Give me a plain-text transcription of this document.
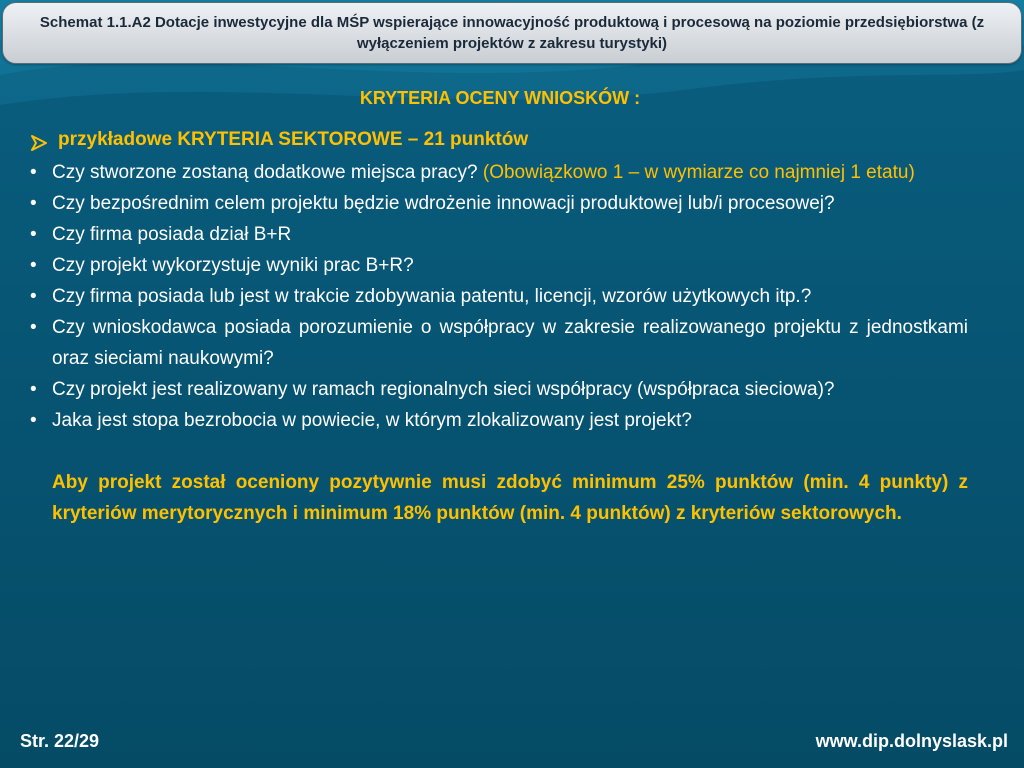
Schemat 1.1.A2 Dotacje inwestycyjne dla MŚP wspierające innowacyjność produktową i procesową na poziomie przedsiębiorstwa (z wyłączeniem projektów z zakresu turystyki)
KRYTERIA OCENY WNIOSKÓW :
przykładowe KRYTERIA SEKTOROWE – 21 punktów
• Czy stworzone zostaną dodatkowe miejsca pracy? (Obowiązkowo 1 – w wymiarze co najmniej 1 etatu)
• Czy bezpośrednim celem projektu będzie wdrożenie innowacji produktowej lub/i procesowej?
• Czy firma posiada dział B+R
• Czy projekt wykorzystuje wyniki prac B+R?
• Czy firma posiada lub jest w trakcie zdobywania patentu, licencji, wzorów użytkowych itp.?
• Czy wnioskodawca posiada porozumienie o współpracy w zakresie realizowanego projektu z jednostkami oraz sieciami naukowymi?
• Czy projekt jest realizowany w ramach regionalnych sieci współpracy (współpraca sieciowa)?
• Jaka jest stopa bezrobocia w powiecie, w którym zlokalizowany jest projekt?
Aby projekt został oceniony pozytywnie musi zdobyć minimum 25% punktów (min. 4 punkty) z kryteriów merytorycznych i minimum 18% punktów (min. 4 punktów) z kryteriów sektorowych.
Str. 22/29	www.dip.dolnyslask.pl
